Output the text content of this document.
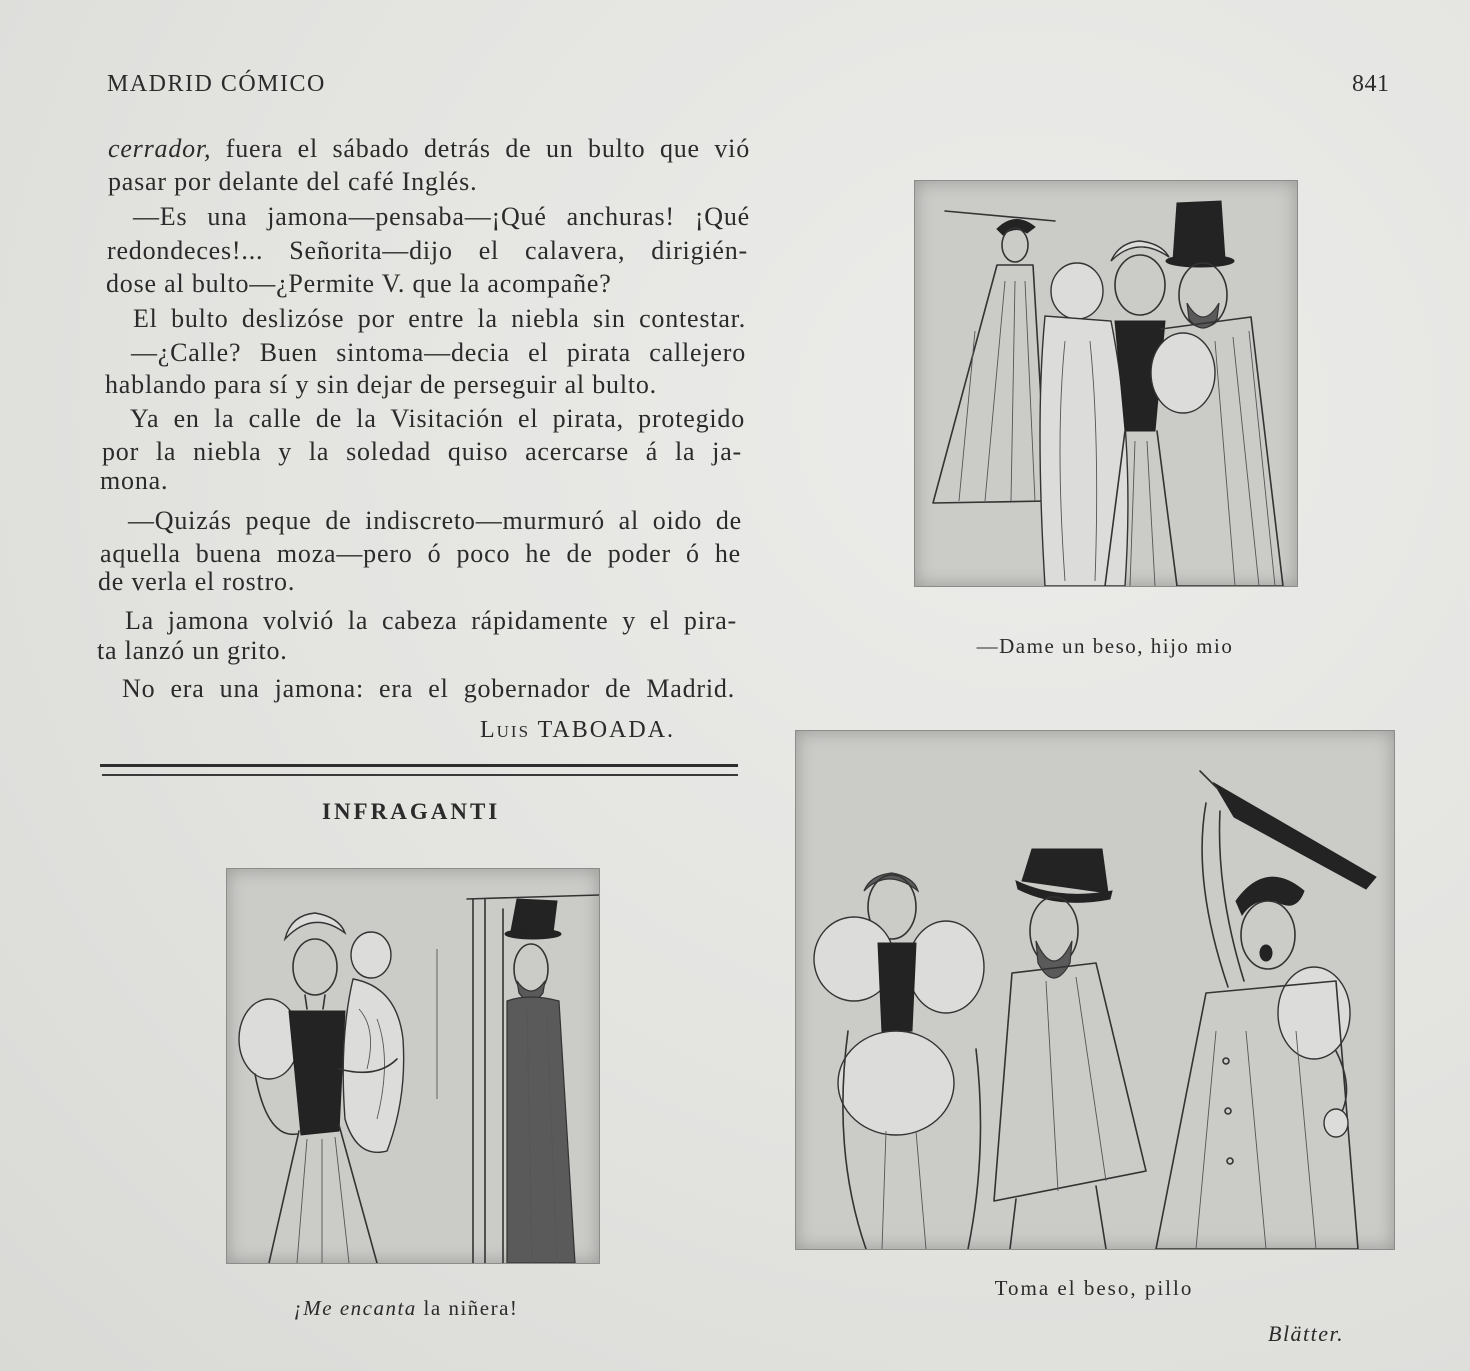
MADRID CÓMICO	841
cerrador, fuera el sábado detrás de un bulto que vió
pasar por delante del café Inglés.
—Es una jamona—pensaba—¡Qué anchuras! ¡Qué
redondeces!... Señorita—dijo el calavera, dirigién-
dose al bulto—¿Permite V. que la acompañe?
El bulto deslizóse por entre la niebla sin contestar.
—¿Calle? Buen sintoma—decia el pirata callejero
hablando para sí y sin dejar de perseguir al bulto.
Ya en la calle de la Visitación el pirata, protegido
por la niebla y la soledad quiso acercarse á la ja-
mona.
—Quizás peque de indiscreto—murmuró al oido de
aquella buena moza—pero ó poco he de poder ó he
de verla el rostro.
La jamona volvió la cabeza rápidamente y el pira-
ta lanzó un grito.
No era una jamona: era el gobernador de Madrid.
Luis TABOADA.
INFRAGANTI
¡Me encanta la niñera!
—Dame un beso, hijo mio
Toma el beso, pillo
Blätter.
